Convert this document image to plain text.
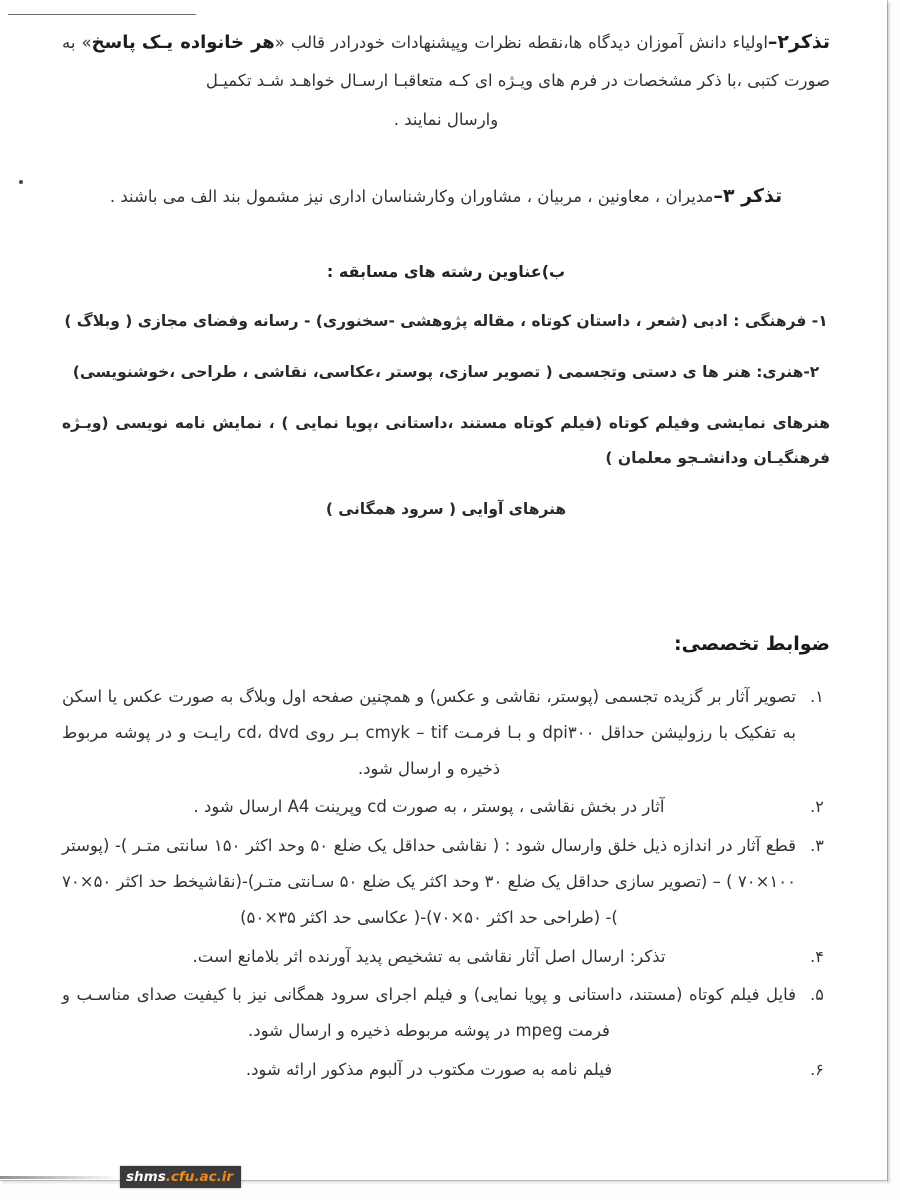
تذکر۲–اولیاء دانش آموزان دیدگاه ها،نقطه نظرات وپیشنهادات خودرادر قالب «هر خانواده یـک پاسخ» به صورت کتبی ،با ذکر مشخصات در فرم های ویـژه ای کـه متعاقبـا ارسـال خواهـد شـد تکمیـل

وارسال نمایند .

تذکر ۳–مدیران ، معاونین ، مربیان ، مشاوران وکارشناسان اداری نیز مشمول بند الف می باشند .

ب)عناوین رشته های مسابقه :

۱- فرهنگی : ادبی (شعر ، داستان کوتاه ، مقاله پژوهشی -سخنوری) - رسانه وفضای مجازی ( وبلاگ )

۲-هنری: هنر ها ی دستی وتجسمی ( تصویر سازی، پوستر ،عکاسی، نقاشی ، طراحی ،خوشنویسی)

هنرهای نمایشی وفیلم کوتاه (فیلم کوتاه مستند ،داستانی ،پویا نمایی ) ، نمایش نامه نویسی (ویـژه فرهنگیـان ودانشـجو معلمان )

هنرهای آوایی ( سرود همگانی )

ضوابط تخصصی:

۱.
تصویر آثار بر گزیده تجسمی (پوستر، نقاشی و عکس) و همچنین صفحه اول وبلاگ به صورت عکس یا اسکن به تفکیک با رزولیشن حداقل dpi۳۰۰ و بـا فرمـت cmyk – tif بـر روی cd، dvd رایـت و در پوشه مربوط ذخیره و ارسال شود.
۲.
آثار در بخش نقاشی ، پوستر ، به صورت cd وپرینت A4 ارسال شود .
۳.
قطع آثار در اندازه ذیل خلق وارسال شود : ( نقاشی حداقل یک ضلع ۵۰ وحد اکثر ۱۵۰ سانتی متـر )- (پوستر ۱۰۰×۷۰ ) – (تصویر سازی حداقل یک ضلع ۳۰ وحد اکثر یک ضلع ۵۰ سـانتی متـر)-(نقاشیخط حد اکثر ۵۰×۷۰ )- (طراحی حد اکثر ۵۰×۷۰)-( عکاسی حد اکثر ۳۵×۵۰)
۴.
تذکر: ارسال اصل آثار نقاشی به تشخیص پدید آورنده اثر بلامانع است.
۵.
فایل فیلم کوتاه (مستند، داستانی و پویا نمایی) و فیلم اجرای سرود همگانی نیز با کیفیت صدای مناسـب و فرمت mpeg در پوشه مربوطه ذخیره و ارسال شود.
۶.
فیلم نامه به صورت مکتوب در آلبوم مذکور ارائه شود.
shms .cfu.ac.ir
